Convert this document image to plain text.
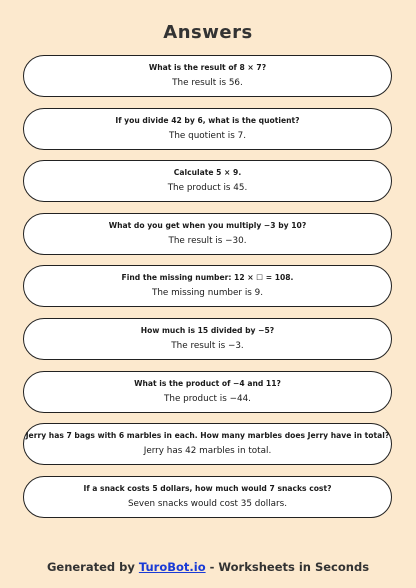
Answers
What is the result of 8 × 7?
The result is 56.
If you divide 42 by 6, what is the quotient?
The quotient is 7.
Calculate 5 × 9.
The product is 45.
What do you get when you multiply −3 by 10?
The result is −30.
Find the missing number: 12 × ☐ = 108.
The missing number is 9.
How much is 15 divided by −5?
The result is −3.
What is the product of −4 and 11?
The product is −44.
Jerry has 7 bags with 6 marbles in each. How many marbles does Jerry have in total?
Jerry has 42 marbles in total.
If a snack costs 5 dollars, how much would 7 snacks cost?
Seven snacks would cost 35 dollars.
Generated by TuroBot.io - Worksheets in Seconds
